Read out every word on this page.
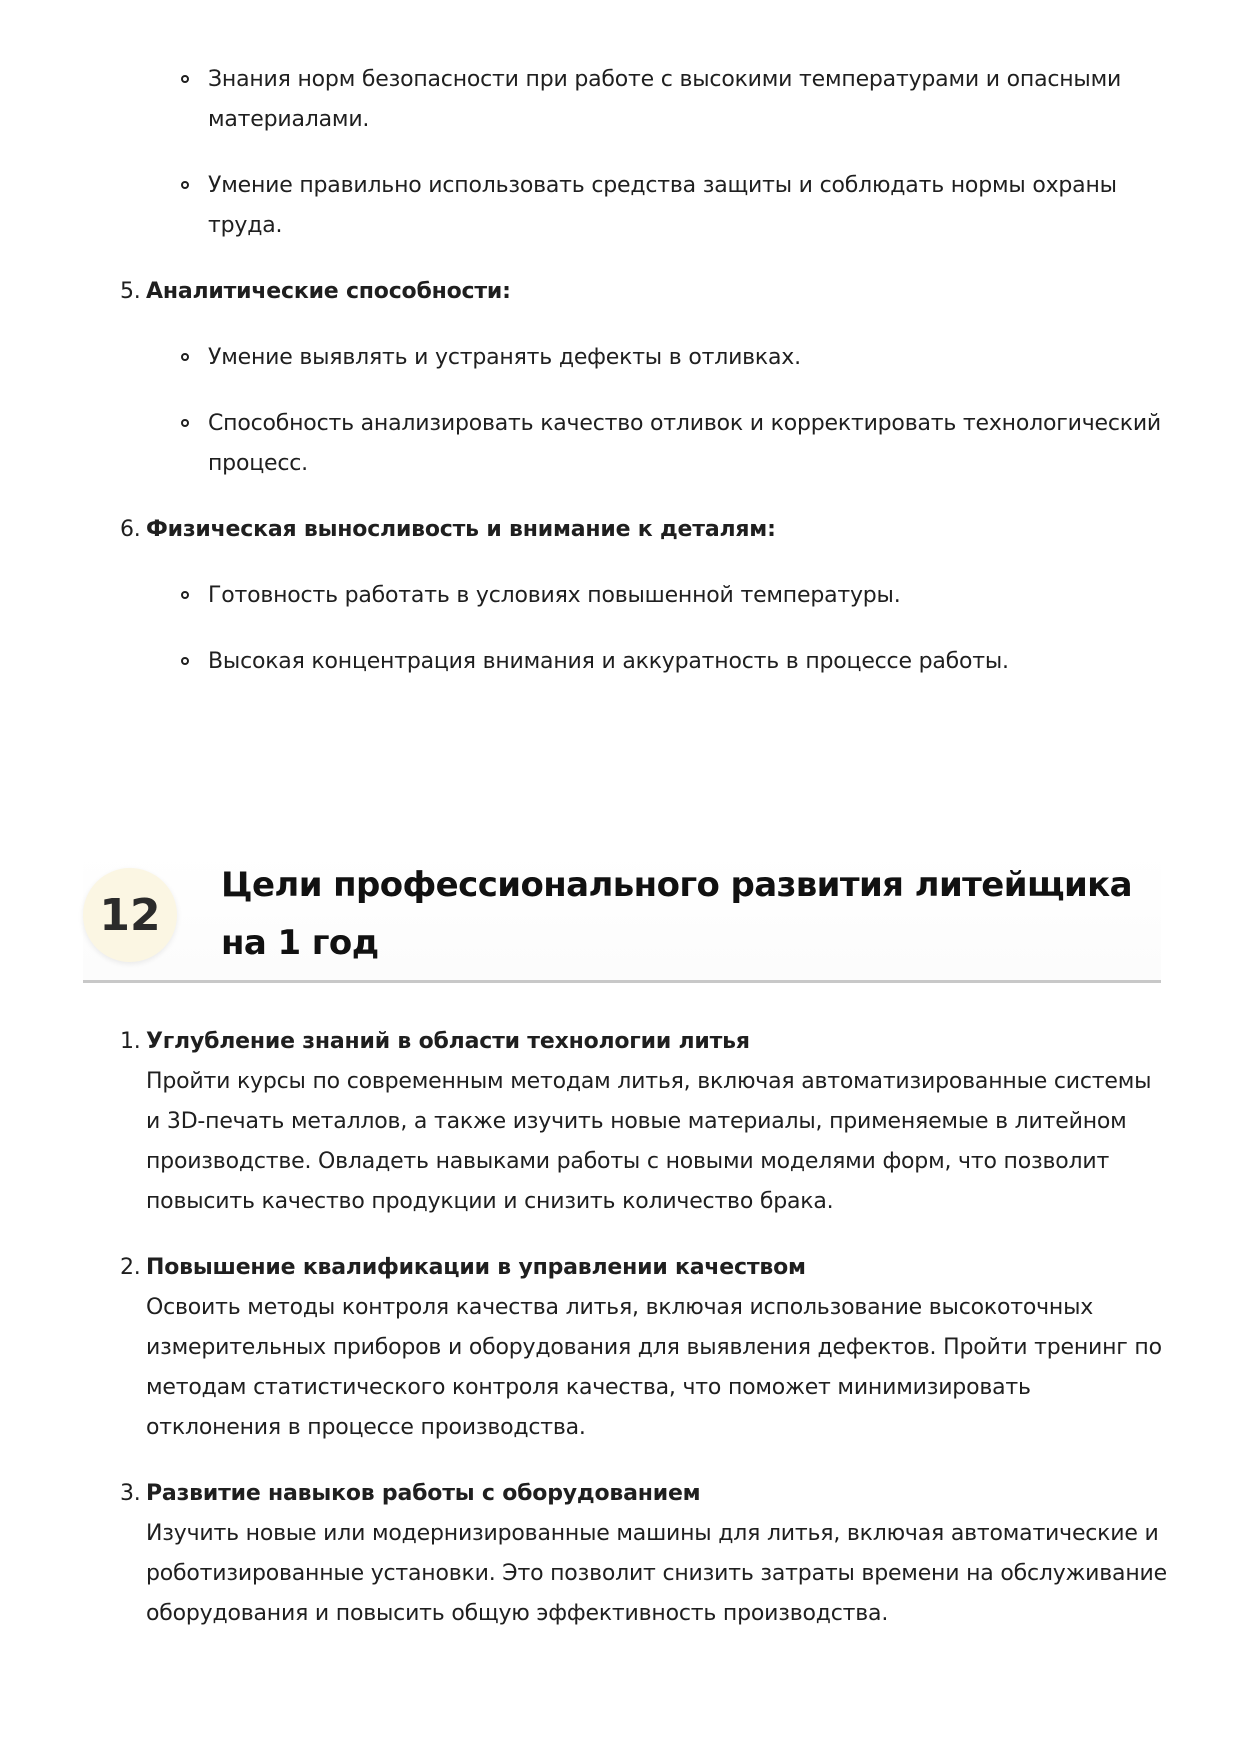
Знания норм безопасности при работе с высокими температурами и опасными материалами.
Умение правильно использовать средства защиты и соблюдать нормы охраны труда.
5. Аналитические способности:
Умение выявлять и устранять дефекты в отливках.
Способность анализировать качество отливок и корректировать технологический процесс.
6. Физическая выносливость и внимание к деталям:
Готовность работать в условиях повышенной температуры.
Высокая концентрация внимания и аккуратность в процессе работы.
12
Цели профессионального развития литейщика на 1 год
1. Углубление знаний в области технологии литья
Пройти курсы по современным методам литья, включая автоматизированные системы и 3D-печать металлов, а также изучить новые материалы, применяемые в литейном производстве. Овладеть навыками работы с новыми моделями форм, что позволит повысить качество продукции и снизить количество брака.
2. Повышение квалификации в управлении качеством
Освоить методы контроля качества литья, включая использование высокоточных измерительных приборов и оборудования для выявления дефектов. Пройти тренинг по методам статистического контроля качества, что поможет минимизировать отклонения в процессе производства.
3. Развитие навыков работы с оборудованием
Изучить новые или модернизированные машины для литья, включая автоматические и роботизированные установки. Это позволит снизить затраты времени на обслуживание оборудования и повысить общую эффективность производства.
